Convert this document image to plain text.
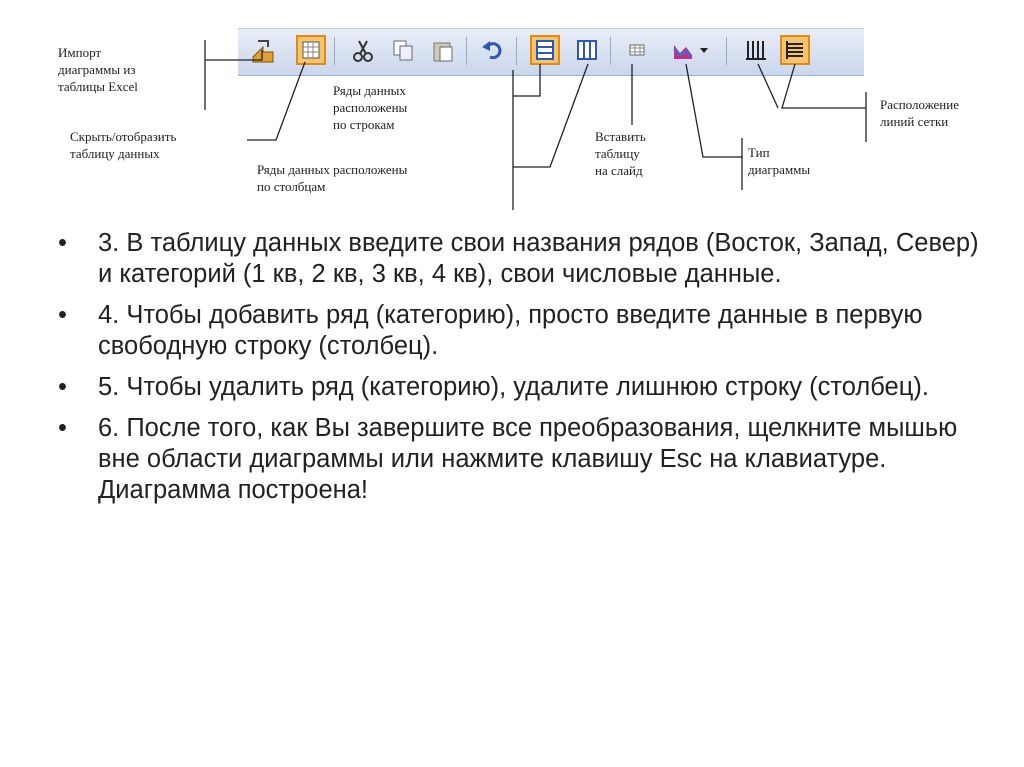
Импорт
диаграммы из
таблицы Excel
Скрыть/отобразить
таблицу данных
Ряды данных
расположены
по строкам
Ряды данных расположены
по столбцам
Вставить
таблицу
на слайд
Тип
диаграммы
Расположение
линий сетки
• 3. В таблицу данных введите свои названия рядов (Восток, Запад, Север) и категорий (1 кв, 2 кв, 3 кв, 4 кв), свои числовые данные.
• 4. Чтобы добавить ряд (категорию), просто введите данные в первую свободную строку (столбец).
• 5. Чтобы удалить ряд (категорию), удалите лишнюю строку (столбец).
• 6. После того, как Вы завершите все преобразования, щелкните мышью вне области диаграммы или нажмите клавишу Esc на клавиатуре. Диаграмма построена!
